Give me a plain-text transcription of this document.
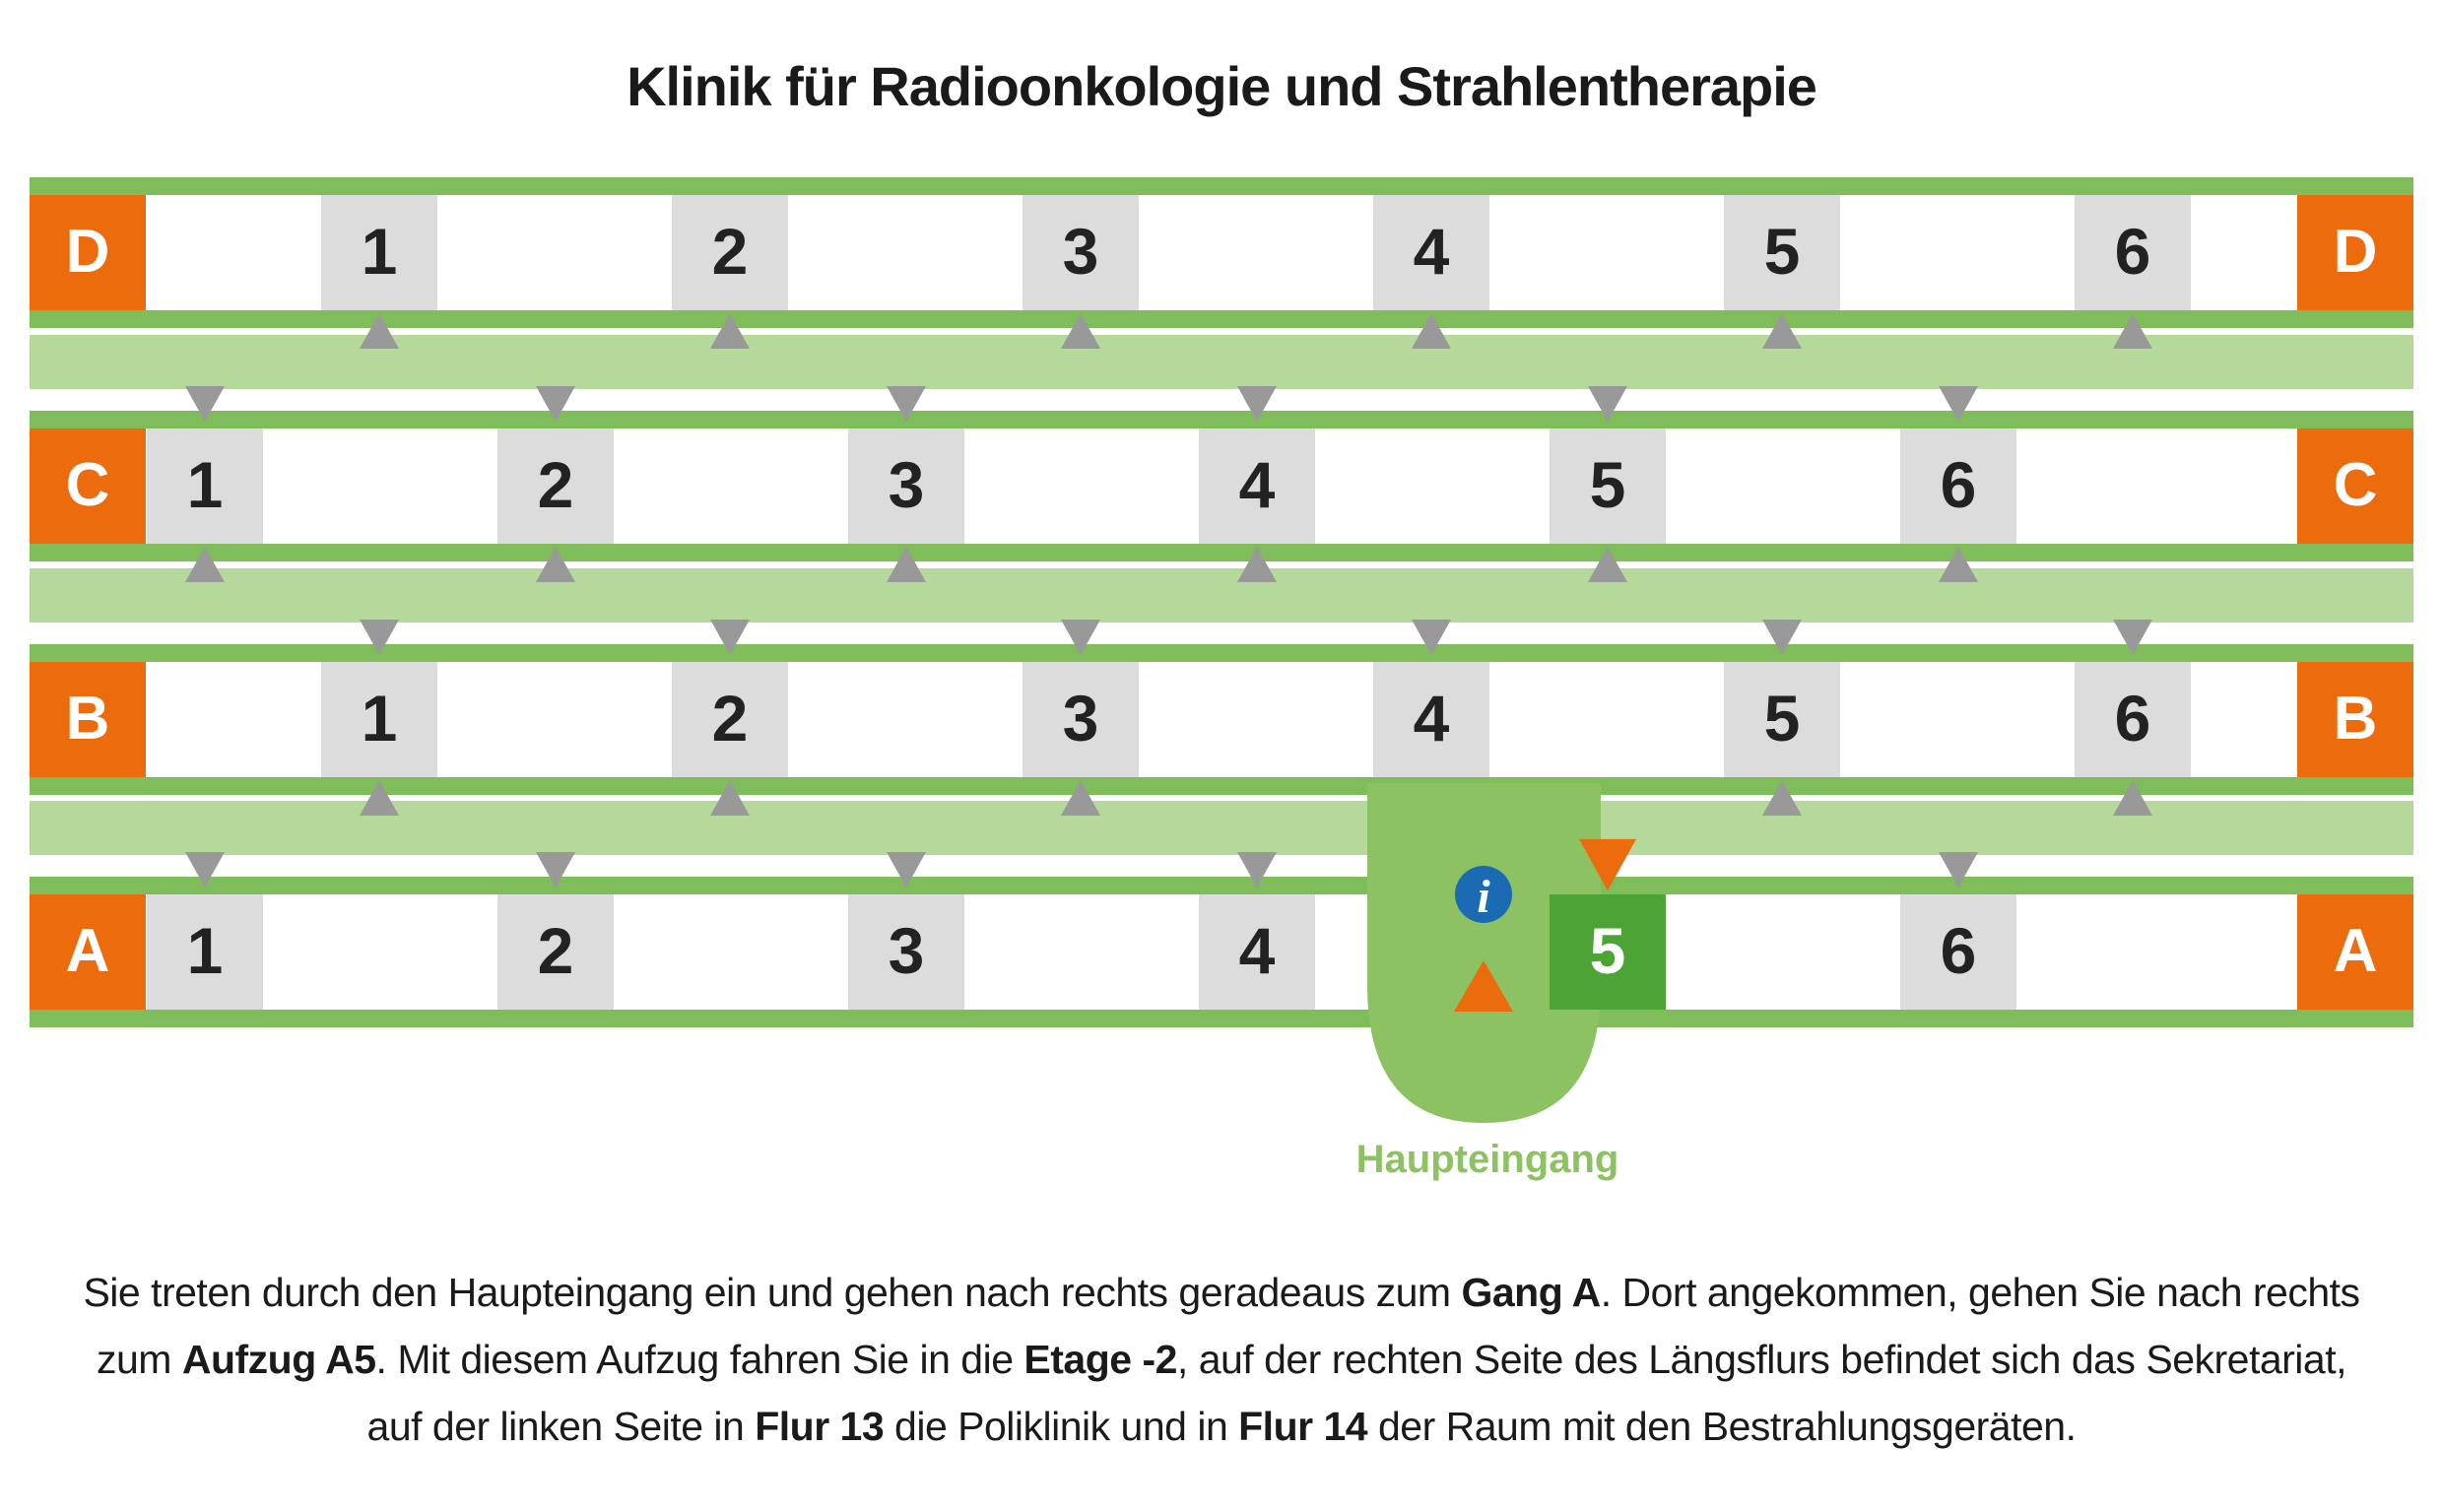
Klinik für Radioonkologie und Strahlentherapie
D	D
1	2	3	4	5	6
C	C
1	2	3	4	5	6
B	B
1	2	3	4	5	6
A	A
1	2	3	4	5	6
i
Haupteingang
Sie treten durch den Haupteingang ein und gehen nach rechts geradeaus zum Gang A. Dort angekommen, gehen Sie nach rechts
zum Aufzug A5. Mit diesem Aufzug fahren Sie in die Etage -2, auf der rechten Seite des Längsflurs befindet sich das Sekretariat,
auf der linken Seite in Flur 13 die Poliklinik und in Flur 14 der Raum mit den Bestrahlungsgeräten.
